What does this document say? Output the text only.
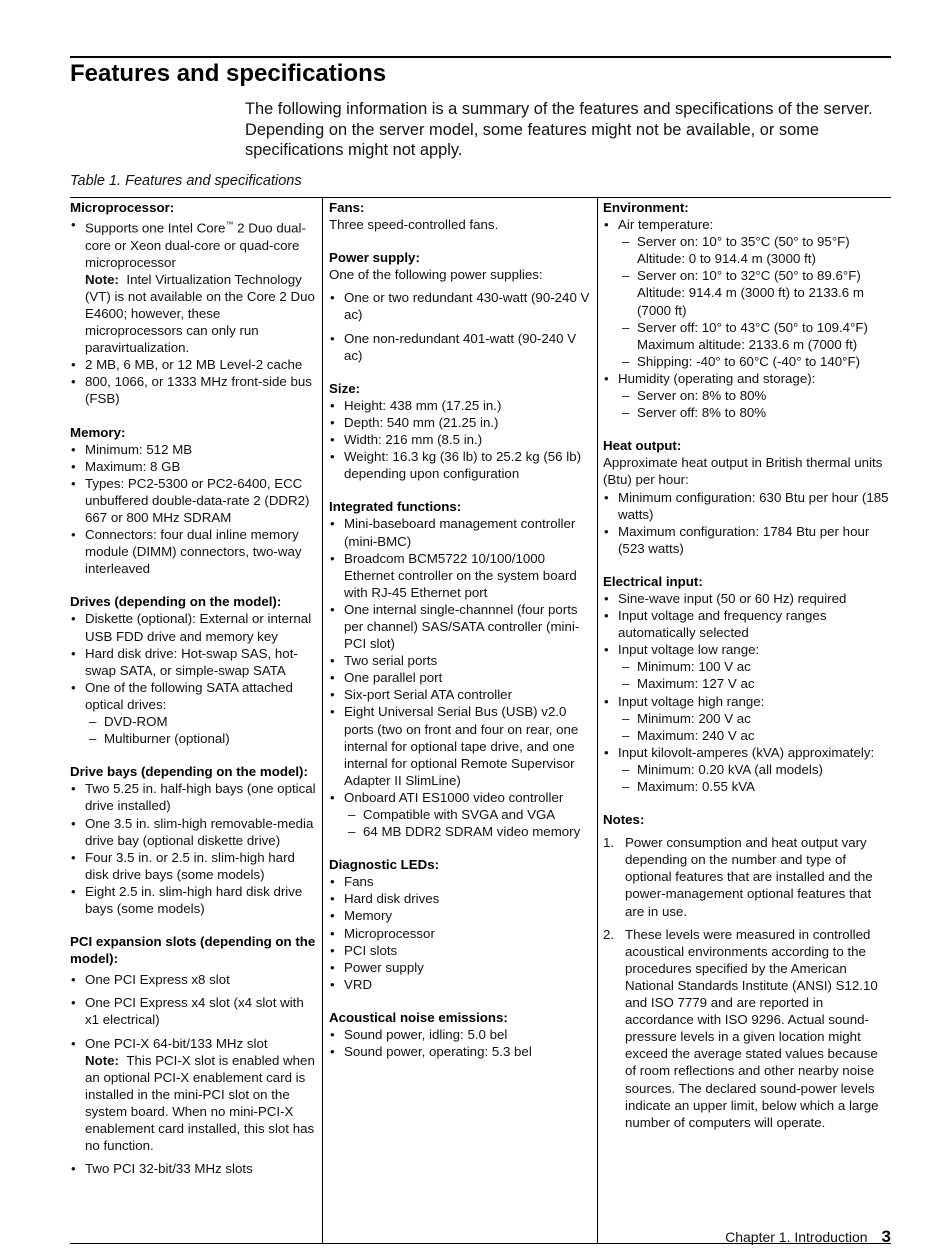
Features and specifications

The following information is a summary of the features and specifications of the server. Depending on the server model, some features might not be available, or some specifications might not apply.

Table 1. Features and specifications
Microprocessor:
• Supports one Intel Core™ 2 Duo dual-core or Xeon dual-core or quad-core microprocessor
Note: Intel Virtualization Technology (VT) is not available on the Core 2 Duo E4600; however, these microprocessors can only run paravirtualization.
• 2 MB, 6 MB, or 12 MB Level-2 cache
• 800, 1066, or 1333 MHz front-side bus (FSB)
Memory:
• Minimum: 512 MB
• Maximum: 8 GB
• Types: PC2-5300 or PC2-6400, ECC unbuffered double-data-rate 2 (DDR2) 667 or 800 MHz SDRAM
• Connectors: four dual inline memory module (DIMM) connectors, two-way interleaved
Drives (depending on the model):
• Diskette (optional): External or internal USB FDD drive and memory key
• Hard disk drive: Hot-swap SAS, hot-swap SATA, or simple-swap SATA
• One of the following SATA attached optical drives:
– DVD-ROM
– Multiburner (optional)
Drive bays (depending on the model):
• Two 5.25 in. half-high bays (one optical drive installed)
• One 3.5 in. slim-high removable-media drive bay (optional diskette drive)
• Four 3.5 in. or 2.5 in. slim-high hard disk drive bays (some models)
• Eight 2.5 in. slim-high hard disk drive bays (some models)
PCI expansion slots (depending on the model):
• One PCI Express x8 slot
• One PCI Express x4 slot (x4 slot with x1 electrical)
• One PCI-X 64-bit/133 MHz slot
Note: This PCI-X slot is enabled when an optional PCI-X enablement card is installed in the mini-PCI slot on the system board. When no mini-PCI-X enablement card installed, this slot has no function.
• Two PCI 32-bit/33 MHz slots
Fans:

Three speed-controlled fans.

Power supply:

One of the following power supplies:

• One or two redundant 430-watt (90-240 V ac)
• One non-redundant 401-watt (90-240 V ac)
Size:
• Height: 438 mm (17.25 in.)
• Depth: 540 mm (21.25 in.)
• Width: 216 mm (8.5 in.)
• Weight: 16.3 kg (36 lb) to 25.2 kg (56 lb) depending upon configuration
Integrated functions:
• Mini-baseboard management controller (mini-BMC)
• Broadcom BCM5722 10/100/1000 Ethernet controller on the system board with RJ-45 Ethernet port
• One internal single-channnel (four ports per channel) SAS/SATA controller (mini-PCI slot)
• Two serial ports
• One parallel port
• Six-port Serial ATA controller
• Eight Universal Serial Bus (USB) v2.0 ports (two on front and four on rear, one internal for optional tape drive, and one internal for optional Remote Supervisor Adapter II SlimLine)
• Onboard ATI ES1000 video controller
– Compatible with SVGA and VGA
– 64 MB DDR2 SDRAM video memory
Diagnostic LEDs:
• Fans
• Hard disk drives
• Memory
• Microprocessor
• PCI slots
• Power supply
• VRD
Acoustical noise emissions:
• Sound power, idling: 5.0 bel
• Sound power, operating: 5.3 bel
Environment:
• Air temperature:
– Server on: 10° to 35°C (50° to 95°F) Altitude: 0 to 914.4 m (3000 ft)
– Server on: 10° to 32°C (50° to 89.6°F) Altitude: 914.4 m (3000 ft) to 2133.6 m (7000 ft)
– Server off: 10° to 43°C (50° to 109.4°F) Maximum altitude: 2133.6 m (7000 ft)
– Shipping: -40° to 60°C (-40° to 140°F)
• Humidity (operating and storage):
– Server on: 8% to 80%
– Server off: 8% to 80%
Heat output:

Approximate heat output in British thermal units (Btu) per hour:

• Minimum configuration: 630 Btu per hour (185 watts)
• Maximum configuration: 1784 Btu per hour (523 watts)
Electrical input:
• Sine-wave input (50 or 60 Hz) required
• Input voltage and frequency ranges automatically selected
• Input voltage low range:
– Minimum: 100 V ac
– Maximum: 127 V ac
• Input voltage high range:
– Minimum: 200 V ac
– Maximum: 240 V ac
• Input kilovolt-amperes (kVA) approximately:
– Minimum: 0.20 kVA (all models)
– Maximum: 0.55 kVA
Notes:
1. Power consumption and heat output vary depending on the number and type of optional features that are installed and the power-management optional features that are in use.
2. These levels were measured in controlled acoustical environments according to the procedures specified by the American National Standards Institute (ANSI) S12.10 and ISO 7779 and are reported in accordance with ISO 9296. Actual sound-pressure levels in a given location might exceed the average stated values because of room reflections and other nearby noise sources. The declared sound-power levels indicate an upper limit, below which a large number of computers will operate.
Chapter 1. Introduction 3
